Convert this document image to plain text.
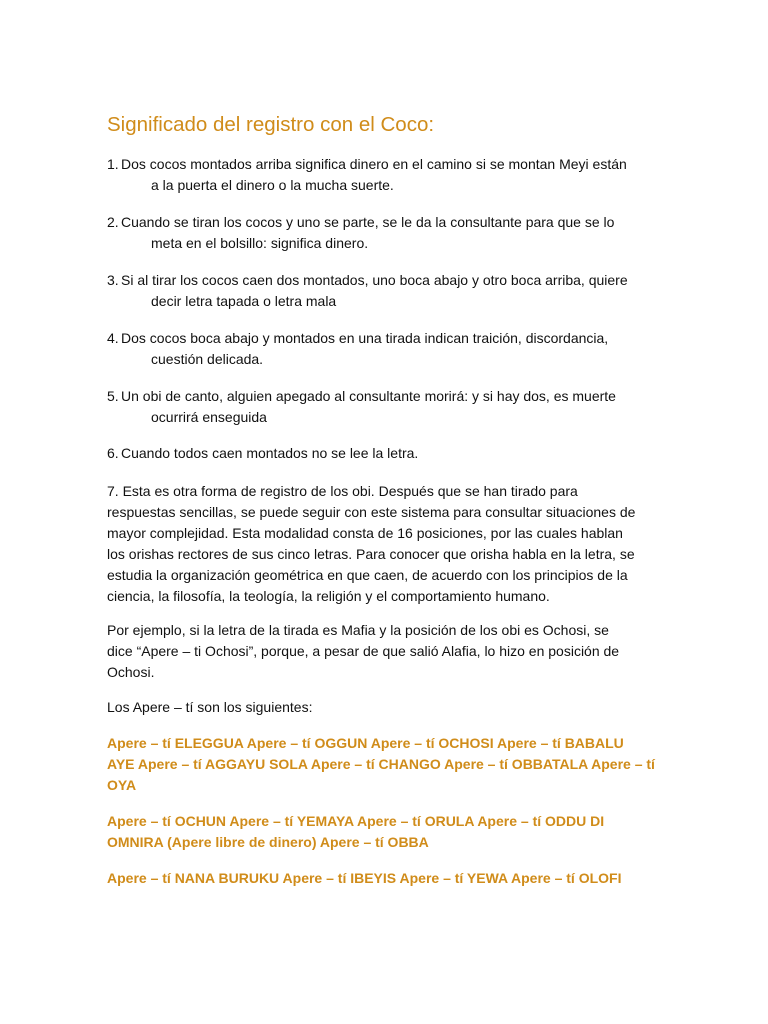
Significado del registro con el Coco:

1. Dos cocos montados arriba significa dinero en el camino si se montan Meyi están
a la puerta el dinero o la mucha suerte.

2. Cuando se tiran los cocos y uno se parte, se le da la consultante para que se lo
meta en el bolsillo: significa dinero.

3. Si al tirar los cocos caen dos montados, uno boca abajo y otro boca arriba, quiere
decir letra tapada o letra mala

4. Dos cocos boca abajo y montados en una tirada indican traición, discordancia,
cuestión delicada.

5. Un obi de canto, alguien apegado al consultante morirá: y si hay dos, es muerte
ocurrirá enseguida

6. Cuando todos caen montados no se lee la letra.

7. Esta es otra forma de registro de los obi. Después que se han tirado para
respuestas sencillas, se puede seguir con este sistema para consultar situaciones de
mayor complejidad. Esta modalidad consta de 16 posiciones, por las cuales hablan
los orishas rectores de sus cinco letras. Para conocer que orisha habla en la letra, se
estudia la organización geométrica en que caen, de acuerdo con los principios de la
ciencia, la filosofía, la teología, la religión y el comportamiento humano.

Por ejemplo, si la letra de la tirada es Mafia y la posición de los obi es Ochosi, se
dice “Apere – ti Ochosi”, porque, a pesar de que salió Alafia, lo hizo en posición de
Ochosi.

Los Apere – tí son los siguientes:

Apere – tí ELEGGUA Apere – tí OGGUN Apere – tí OCHOSI Apere – tí BABALU
AYE Apere – tí AGGAYU SOLA Apere – tí CHANGO Apere – tí OBBATALA Apere – tí
OYA

Apere – tí OCHUN Apere – tí YEMAYA Apere – tí ORULA Apere – tí ODDU DI
OMNIRA (Apere libre de dinero) Apere – tí OBBA

Apere – tí NANA BURUKU Apere – tí IBEYIS Apere – tí YEWA Apere – tí OLOFI
